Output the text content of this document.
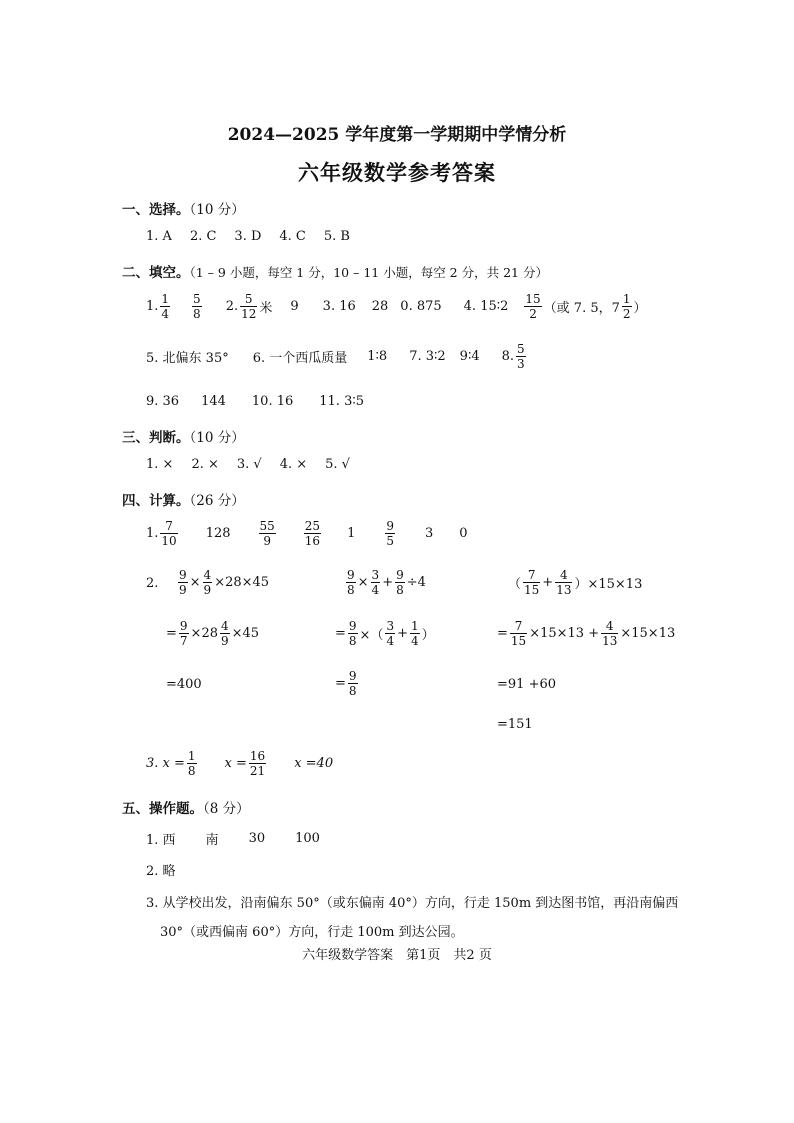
2024—2025 学年度第一学期期中学情分析
六年级数学参考答案
一、选择。（10 分）
1. A 2. C 3. D 4. C 5. B
二、填空。（1 – 9 小题，每空 1 分，10 – 11 小题，每空 2 分，共 21 分）
1. $\frac{1}{4} \frac{5}{8} 2$. $\frac{5}{12}$ 米 9 3. 16 28 0. 875 4. 15∶2 $\frac{15}{2}$ （或 7. 5，$7 \frac{1}{2}$ ）
5. 北偏东 35° 6. 一个西瓜质量 1∶8 7. 3∶2 9∶4 8. $\frac{5}{3}$
9. 36 144 10. 16 11. 3∶5
三、判断。（10 分）
1. × 2. × 3. √ 4. × 5. √
四、计算。（26 分）
1. $\frac{7}{10} 128 \frac{55}{9} \frac{25}{16} 1$	$\frac{9}{5} 3$ 0
2. $\frac{9}{9} \times \frac{4}{9} \times 28\times 45$
= $\frac{9}{7} \times 28 \frac{4}{9} \times 45$
=400
$\frac{9}{8} \times \frac{3}{4} + \frac{9}{8} \div 4$
= $\frac{9}{8}$ ×（ $\frac{3}{4} + \frac{1}{4}$ ）
= $\frac{9}{8}$
（ $\frac{7}{15} + \frac{4}{13} )\times 15\times 13$
= $\frac{7}{15} \times 15\times 13 + \frac{4}{13} \times 15\times 13$
=91 +60
=151
3. $x = \frac{1}{8}$ $x = \frac{16}{21}$ x =40
五、操作题。（8 分）
1. 西 南 30 100
2. 略
3. 从学校出发，沿南偏东 50°（或东偏南 40°）方向，行走 150m 到达图书馆，再沿南偏西
30°（或西偏南 60°）方向，行走 100m 到达公园。
六年级数学答案　第1页　共2 页
